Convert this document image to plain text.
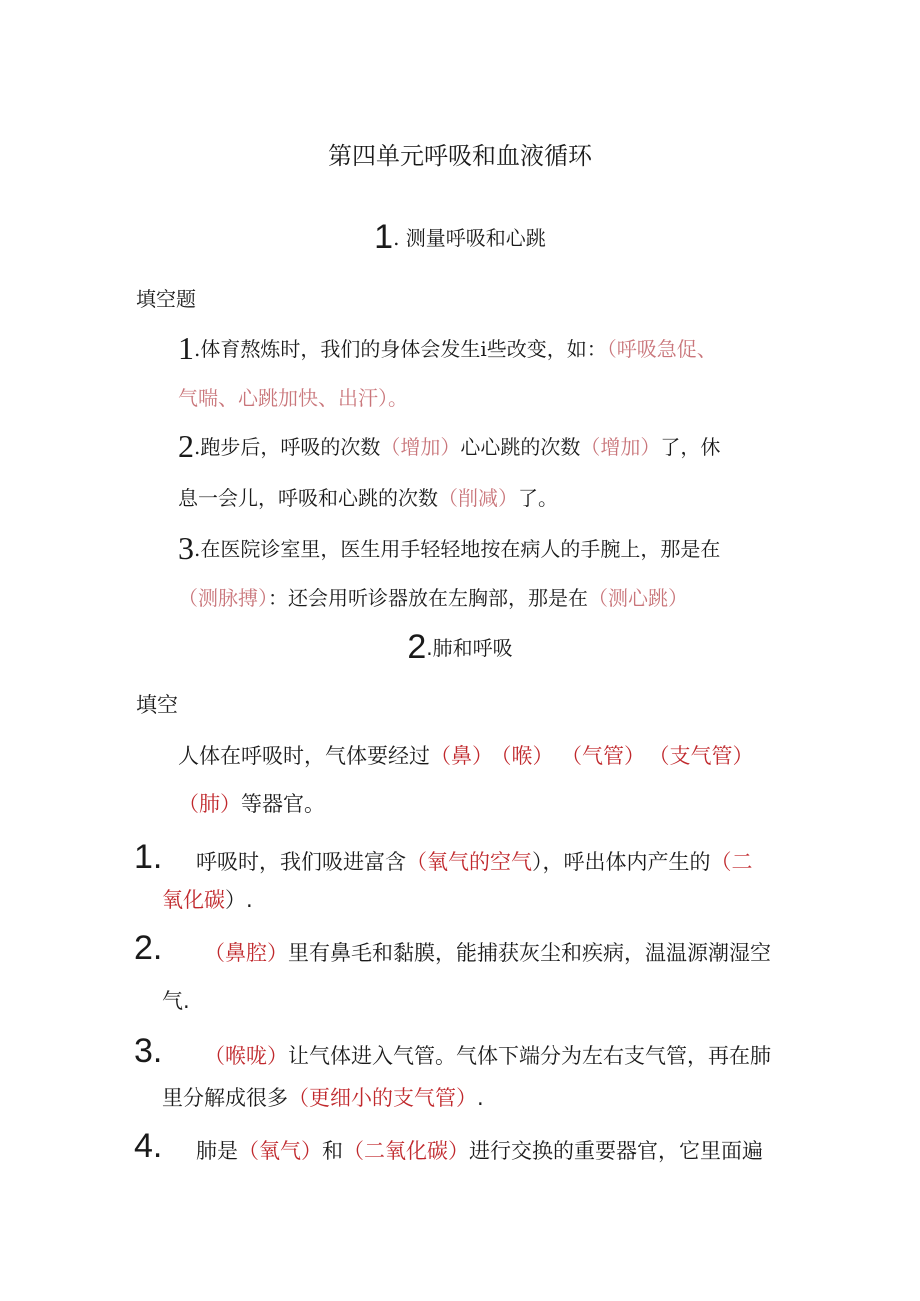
第四单元呼吸和血液循环
1. 测量呼吸和心跳
填空题
1.体育熬炼时，我们的身体会发生i些改变，如：（呼吸急促、
气喘、心跳加快、出汗）。
2.跑步后，呼吸的次数（增加）心心跳的次数（增加）了，休
息一会儿，呼吸和心跳的次数（削减）了。
3.在医院诊室里，医生用手轻轻地按在病人的手腕上，那是在
（测脉搏）：还会用听诊器放在左胸部，那是在（测心跳）
2.肺和呼吸
填空
人体在呼吸时，气体要经过（鼻） （喉） （气管） （支气管）
（肺）等器官。
1. 呼吸时，我们吸进富含（氧气的空气），呼出体内产生的（二
氧化碳）.
2. （鼻腔）里有鼻毛和黏膜，能捕获灰尘和疾病，温温源潮湿空
气.
3. （喉咙）让气体进入气管。气体下端分为左右支气管，再在肺
里分解成很多（更细小的支气管）.
4. 肺是（氧气）和（二氧化碳）进行交换的重要器官，它里面遍
